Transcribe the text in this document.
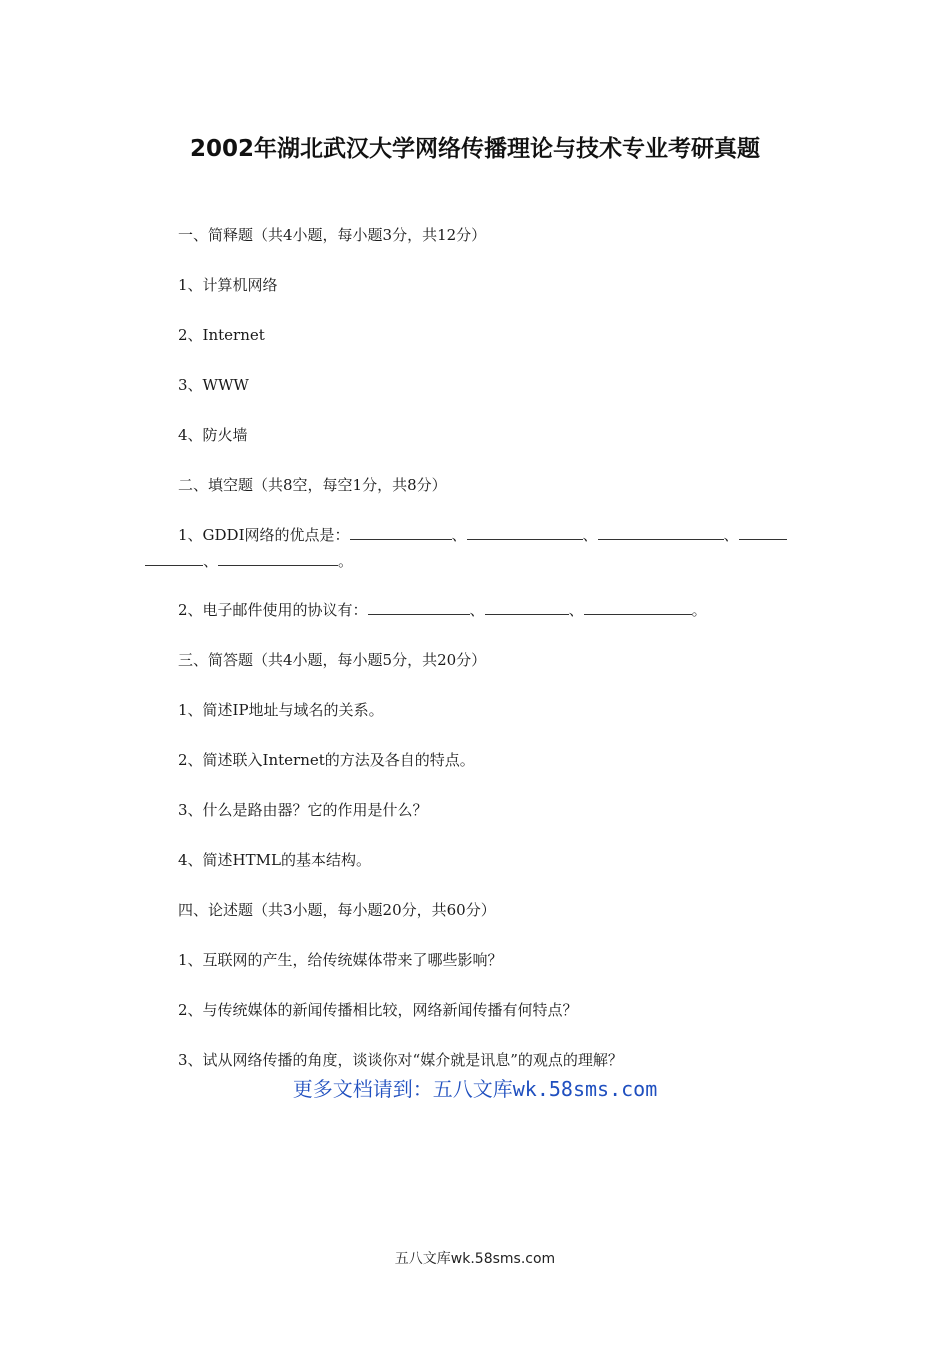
2002年湖北武汉大学网络传播理论与技术专业考研真题
一、简释题（共4小题，每小题3分，共12分）
1、计算机网络
2、Internet
3、WWW
4、防火墙
二、填空题（共8空，每空1分，共8分）
1、GDDI网络的优点是：	、	、	、
、	。
2、电子邮件使用的协议有：	、	、	。
三、简答题（共4小题，每小题5分，共20分）
1、简述IP地址与域名的关系。
2、简述联入Internet的方法及各自的特点。
3、什么是路由器？它的作用是什么？
4、简述HTML的基本结构。
四、论述题（共3小题，每小题20分，共60分）
1、互联网的产生，给传统媒体带来了哪些影响？
2、与传统媒体的新闻传播相比较，网络新闻传播有何特点？
3、试从网络传播的角度，谈谈你对“媒介就是讯息”的观点的理解？
更多文档请到：五八文库wk.58sms.com
五八文库wk.58sms.com
